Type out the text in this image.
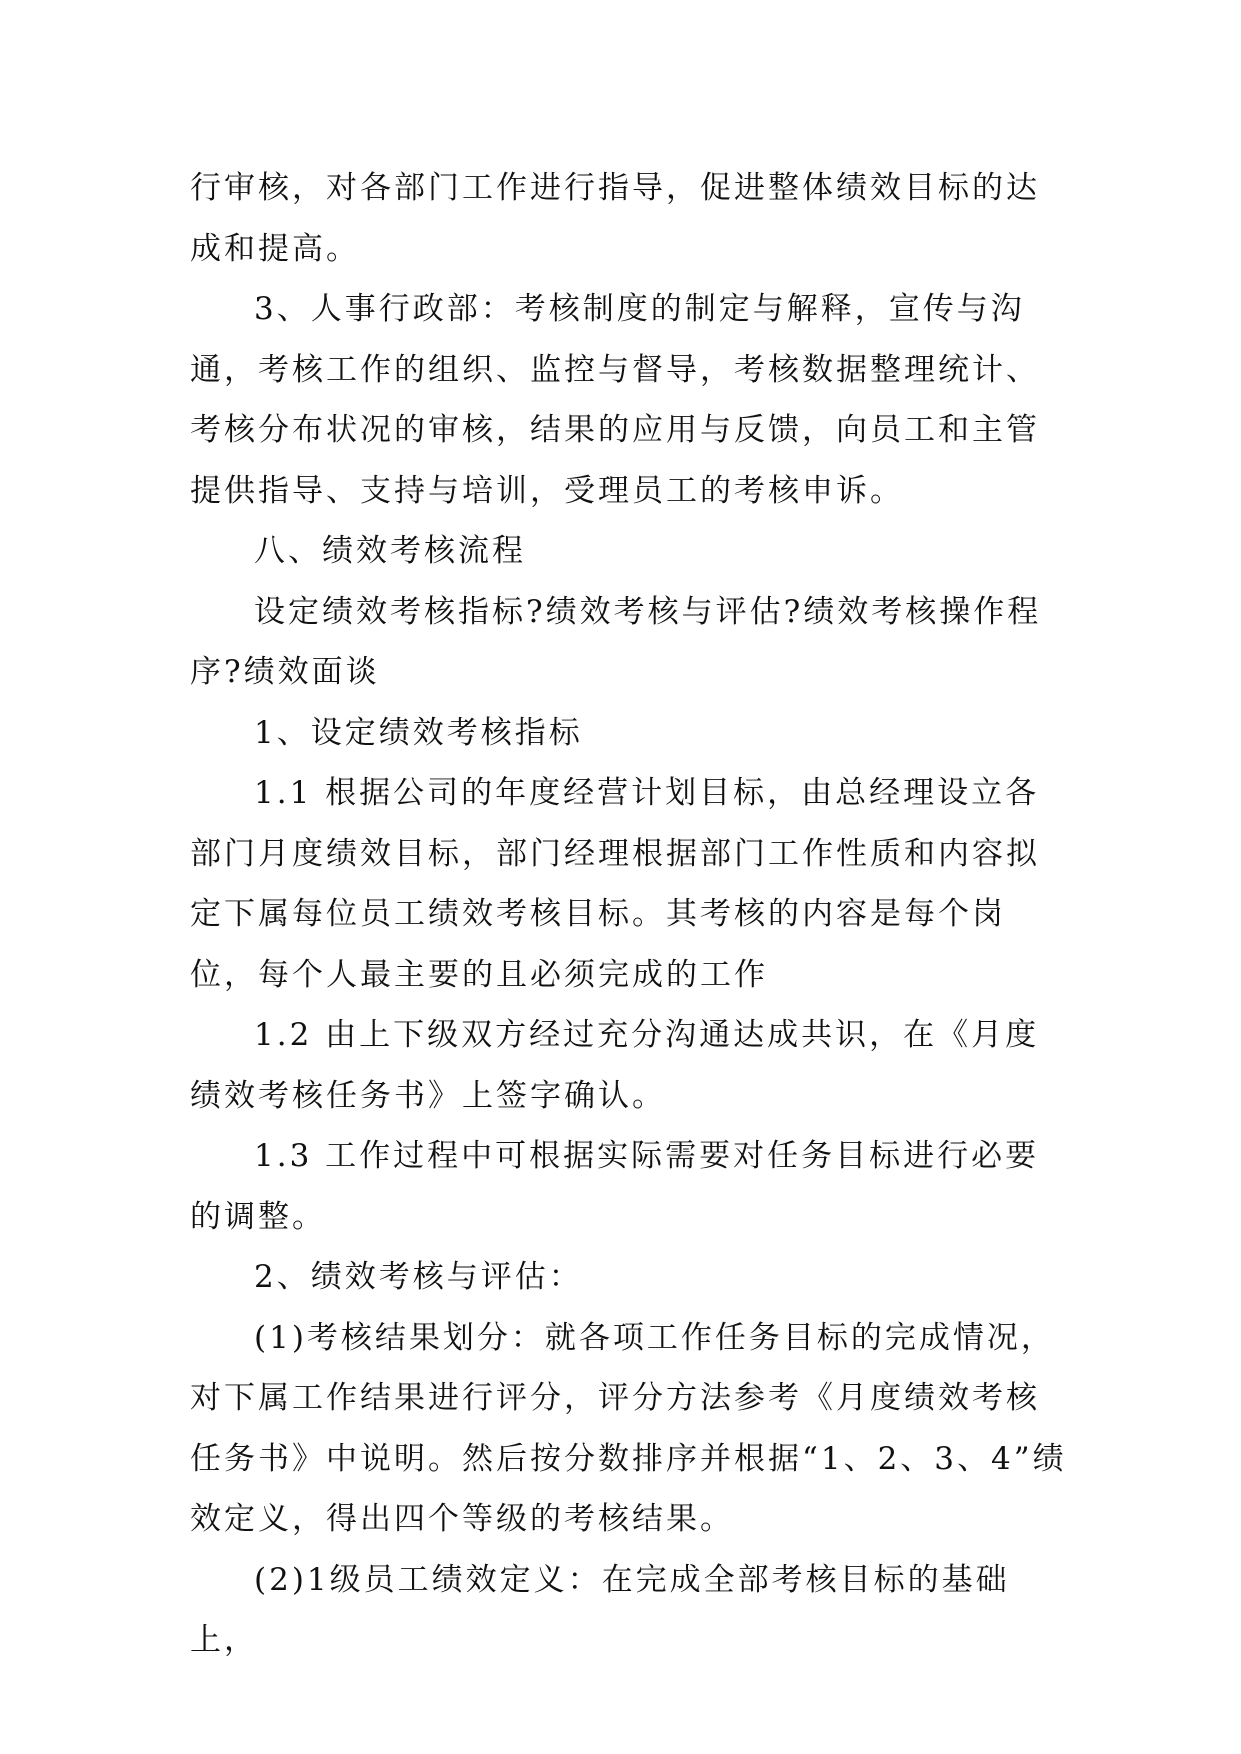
行审核，对各部门工作进行指导，促进整体绩效目标的达成和提高。

3、人事行政部：考核制度的制定与解释，宣传与沟通，考核工作的组织、监控与督导，考核数据整理统计、考核分布状况的审核，结果的应用与反馈，向员工和主管提供指导、支持与培训，受理员工的考核申诉。

八、绩效考核流程

设定绩效考核指标?绩效考核与评估?绩效考核操作程序?绩效面谈

1、设定绩效考核指标

1.1 根据公司的年度经营计划目标，由总经理设立各部门月度绩效目标，部门经理根据部门工作性质和内容拟定下属每位员工绩效考核目标。其考核的内容是每个岗位，每个人最主要的且必须完成的工作

1.2 由上下级双方经过充分沟通达成共识，在《月度绩效考核任务书》上签字确认。

1.3 工作过程中可根据实际需要对任务目标进行必要的调整。

2、绩效考核与评估：

(1)考核结果划分：就各项工作任务目标的完成情况，对下属工作结果进行评分，评分方法参考《月度绩效考核任务书》中说明。然后按分数排序并根据“1、2、3、4”绩效定义，得出四个等级的考核结果。

(2)1级员工绩效定义：在完成全部考核目标的基础上，
